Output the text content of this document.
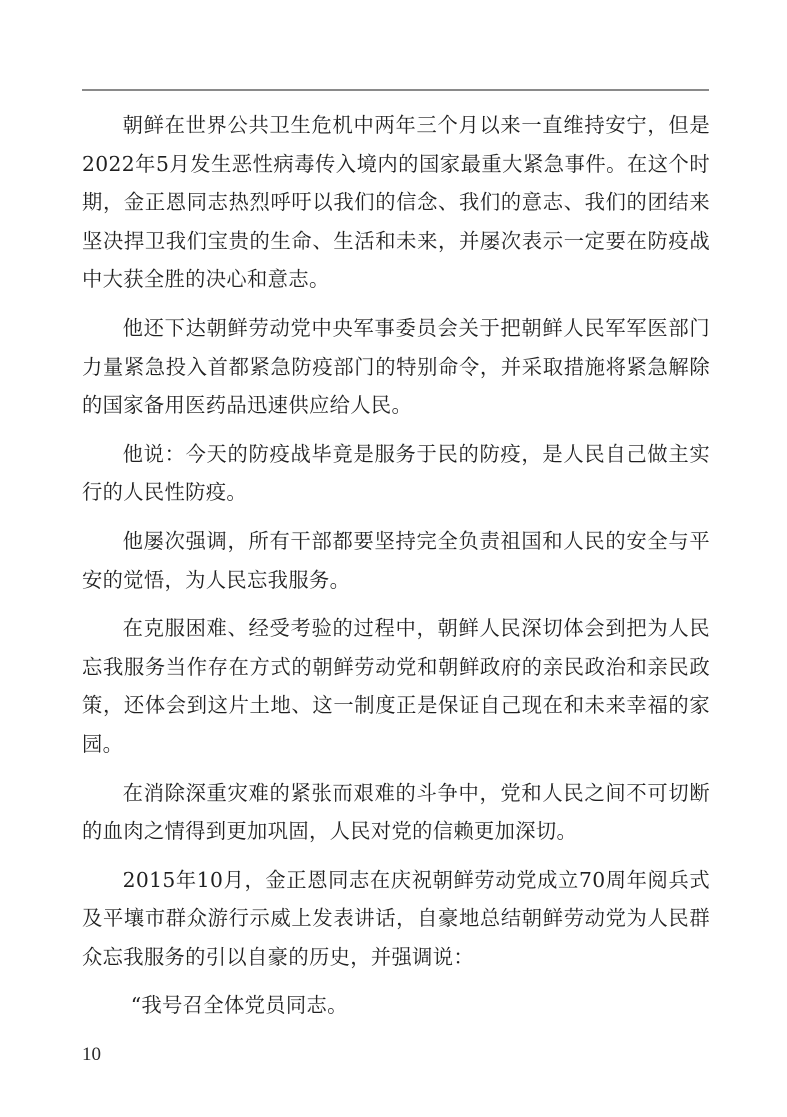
朝鲜在世界公共卫生危机中两年三个月以来一直维持安宁，但是2022年5月发生恶性病毒传入境内的国家最重大紧急事件。在这个时期，金正恩同志热烈呼吁以我们的信念、我们的意志、我们的团结来坚决捍卫我们宝贵的生命、生活和未来，并屡次表示一定要在防疫战中大获全胜的决心和意志。

他还下达朝鲜劳动党中央军事委员会关于把朝鲜人民军军医部门力量紧急投入首都紧急防疫部门的特别命令，并采取措施将紧急解除的国家备用医药品迅速供应给人民。

他说：今天的防疫战毕竟是服务于民的防疫，是人民自己做主实行的人民性防疫。

他屡次强调，所有干部都要坚持完全负责祖国和人民的安全与平安的觉悟，为人民忘我服务。

在克服困难、经受考验的过程中，朝鲜人民深切体会到把为人民忘我服务当作存在方式的朝鲜劳动党和朝鲜政府的亲民政治和亲民政策，还体会到这片土地、这一制度正是保证自己现在和未来幸福的家园。

在消除深重灾难的紧张而艰难的斗争中，党和人民之间不可切断的血肉之情得到更加巩固，人民对党的信赖更加深切。

2015年10月，金正恩同志在庆祝朝鲜劳动党成立70周年阅兵式及平壤市群众游行示威上发表讲话，自豪地总结朝鲜劳动党为人民群众忘我服务的引以自豪的历史，并强调说：

“我号召全体党员同志。

10
